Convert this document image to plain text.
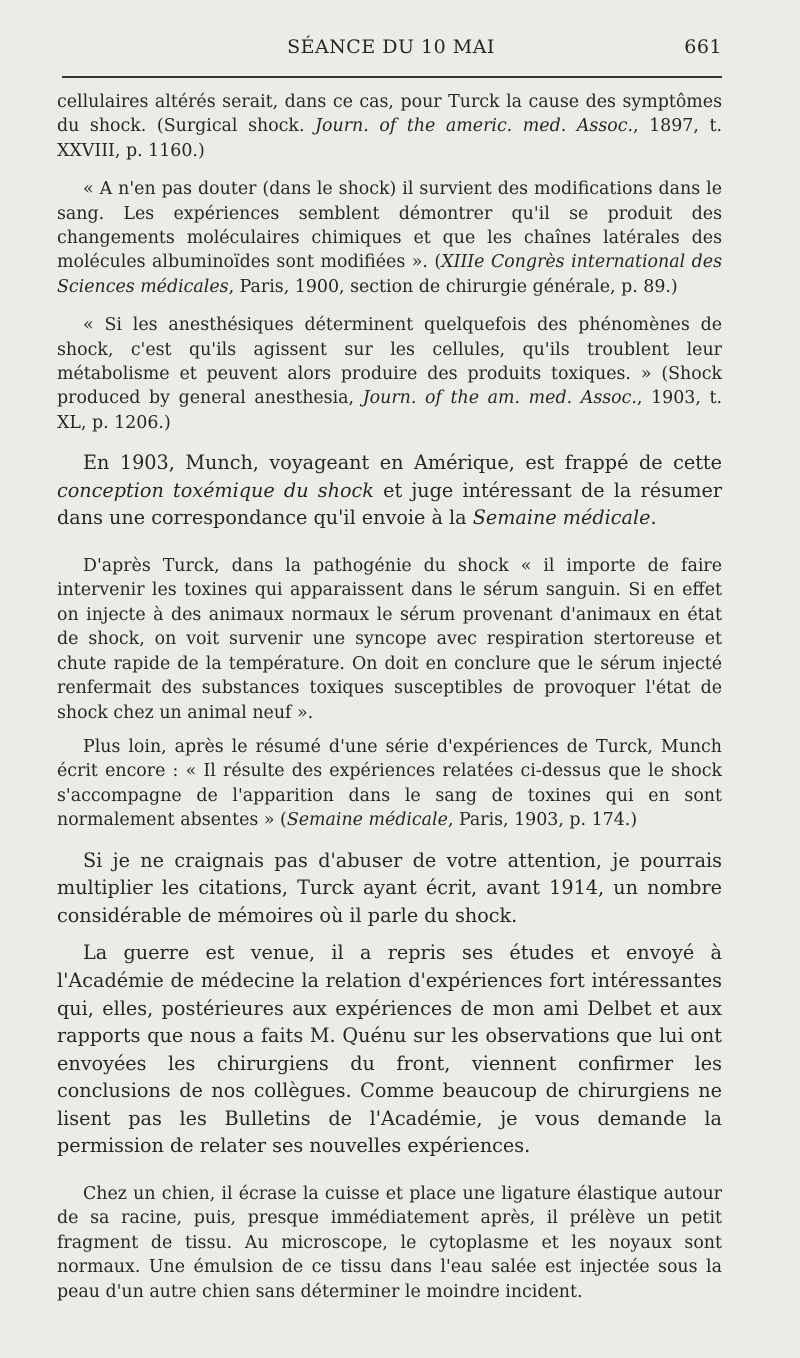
SÉANCE DU 10 MAI	661

cellulaires altérés serait, dans ce cas, pour Turck la cause des symptômes du shock. (Surgical shock. Journ. of the americ. med. Assoc., 1897, t. XXVIII, p. 1160.)

« A n'en pas douter (dans le shock) il survient des modifications dans le sang. Les expériences semblent démontrer qu'il se produit des changements moléculaires chimiques et que les chaînes latérales des molécules albuminoïdes sont modifiées ». (XIIIe Congrès international des Sciences médicales, Paris, 1900, section de chirurgie générale, p. 89.)

« Si les anesthésiques déterminent quelquefois des phénomènes de shock, c'est qu'ils agissent sur les cellules, qu'ils troublent leur métabolisme et peuvent alors produire des produits toxiques. » (Shock produced by general anesthesia, Journ. of the am. med. Assoc., 1903, t. XL, p. 1206.)

En 1903, Munch, voyageant en Amérique, est frappé de cette conception toxémique du shock et juge intéressant de la résumer dans une correspondance qu'il envoie à la Semaine médicale.

D'après Turck, dans la pathogénie du shock « il importe de faire intervenir les toxines qui apparaissent dans le sérum sanguin. Si en effet on injecte à des animaux normaux le sérum provenant d'animaux en état de shock, on voit survenir une syncope avec respiration stertoreuse et chute rapide de la température. On doit en conclure que le sérum injecté renfermait des substances toxiques susceptibles de provoquer l'état de shock chez un animal neuf ».

Plus loin, après le résumé d'une série d'expériences de Turck, Munch écrit encore : « Il résulte des expériences relatées ci-dessus que le shock s'accompagne de l'apparition dans le sang de toxines qui en sont normalement absentes » (Semaine médicale, Paris, 1903, p. 174.)

Si je ne craignais pas d'abuser de votre attention, je pourrais multiplier les citations, Turck ayant écrit, avant 1914, un nombre considérable de mémoires où il parle du shock.

La guerre est venue, il a repris ses études et envoyé à l'Académie de médecine la relation d'expériences fort intéressantes qui, elles, postérieures aux expériences de mon ami Delbet et aux rapports que nous a faits M. Quénu sur les observations que lui ont envoyées les chirurgiens du front, viennent confirmer les conclusions de nos collègues. Comme beaucoup de chirurgiens ne lisent pas les Bulletins de l'Académie, je vous demande la permission de relater ses nouvelles expériences.

Chez un chien, il écrase la cuisse et place une ligature élastique autour de sa racine, puis, presque immédiatement après, il prélève un petit fragment de tissu. Au microscope, le cytoplasme et les noyaux sont normaux. Une émulsion de ce tissu dans l'eau salée est injectée sous la peau d'un autre chien sans déterminer le moindre incident.
